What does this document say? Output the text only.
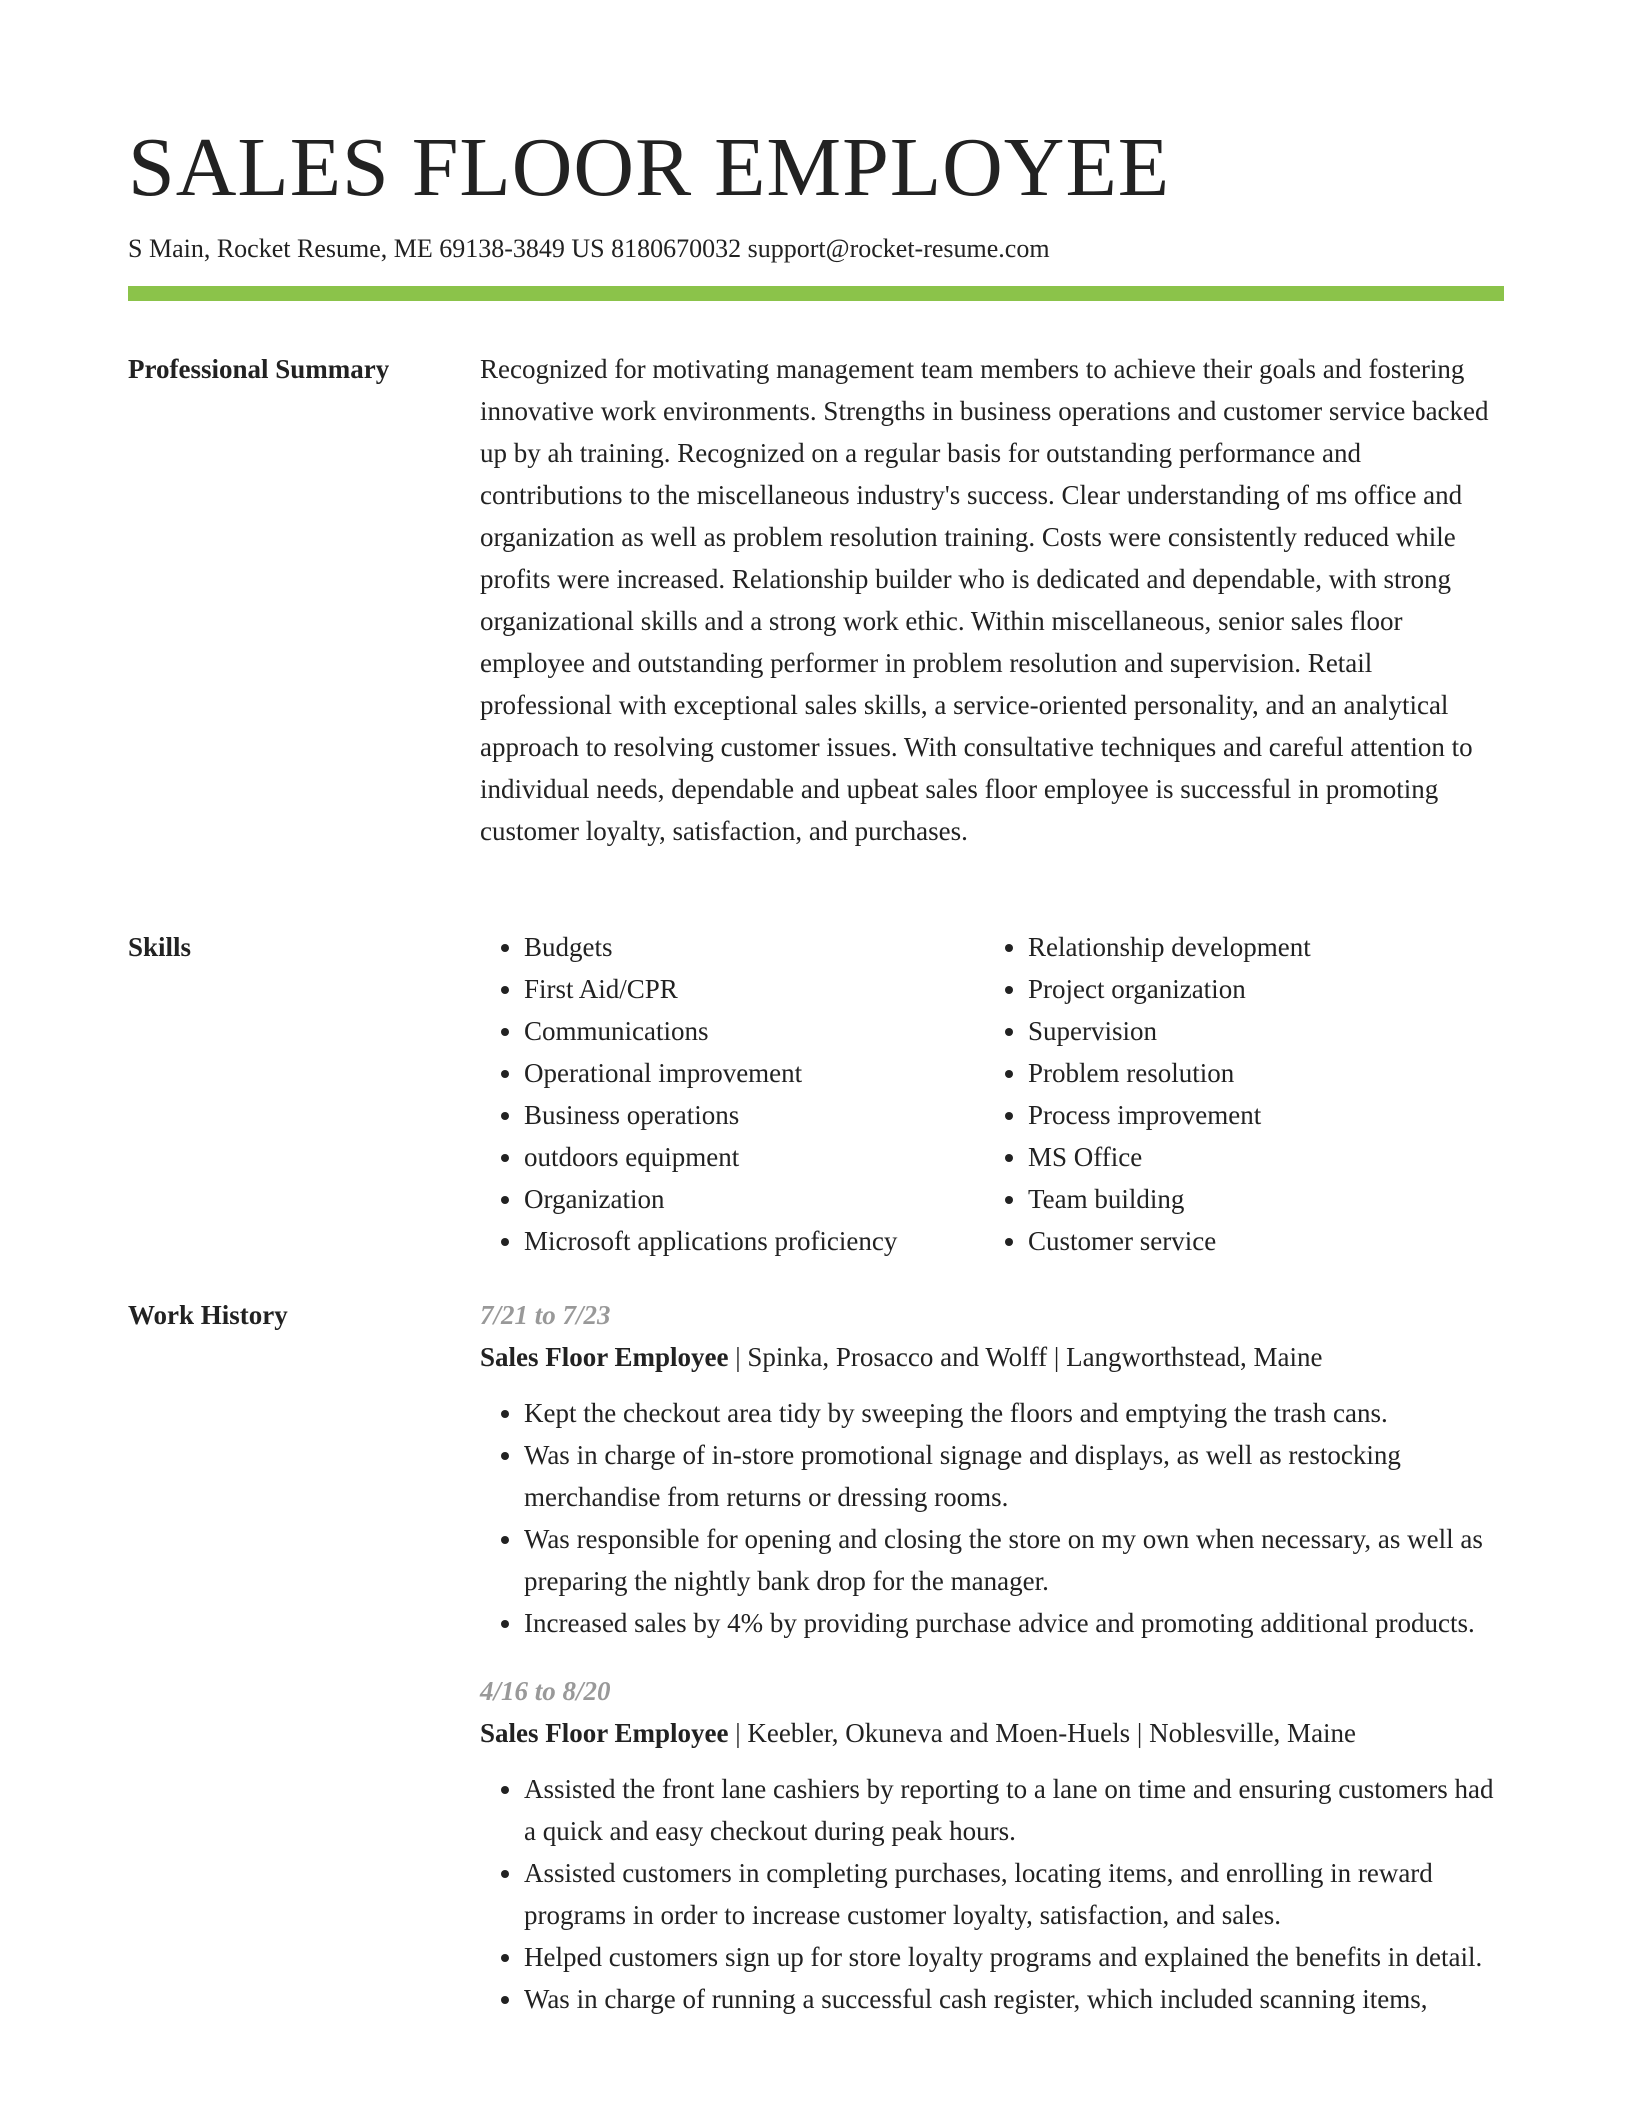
SALES FLOOR EMPLOYEE
S Main, Rocket Resume, ME 69138-3849 US 8180670032 support@rocket-resume.com
Professional Summary	Recognized for motivating management team members to achieve their goals and fostering innovative work environments. Strengths in business operations and customer service backed up by ah training. Recognized on a regular basis for outstanding performance and contributions to the miscellaneous industry's success. Clear understanding of ms office and organization as well as problem resolution training. Costs were consistently reduced while profits were increased. Relationship builder who is dedicated and dependable, with strong organizational skills and a strong work ethic. Within miscellaneous, senior sales floor employee and outstanding performer in problem resolution and supervision. Retail professional with exceptional sales skills, a service-oriented personality, and an analytical approach to resolving customer issues. With consultative techniques and careful attention to individual needs, dependable and upbeat sales floor employee is successful in promoting customer loyalty, satisfaction, and purchases.

Skills
•	Budgets
• First Aid/CPR
• Communications
• Operational improvement
• Business operations
• outdoors equipment
• Organization
• Microsoft applications proficiency
• Relationship development
• Project organization
• Supervision
• Problem resolution
• Process improvement
• MS Office
• Team building
• Customer service
Work History	7/21 to 7/23
Sales Floor Employee | Spinka, Prosacco and Wolff | Langworthstead, Maine
• Kept the checkout area tidy by sweeping the floors and emptying the trash cans.
• Was in charge of in-store promotional signage and displays, as well as restocking merchandise from returns or dressing rooms.
• Was responsible for opening and closing the store on my own when necessary, as well as preparing the nightly bank drop for the manager.
• Increased sales by 4% by providing purchase advice and promoting additional products.
4/16 to 8/20
Sales Floor Employee | Keebler, Okuneva and Moen-Huels | Noblesville, Maine
• Assisted the front lane cashiers by reporting to a lane on time and ensuring customers had a quick and easy checkout during peak hours.
• Assisted customers in completing purchases, locating items, and enrolling in reward programs in order to increase customer loyalty, satisfaction, and sales.
• Helped customers sign up for store loyalty programs and explained the benefits in detail.
• Was in charge of running a successful cash register, which included scanning items,
